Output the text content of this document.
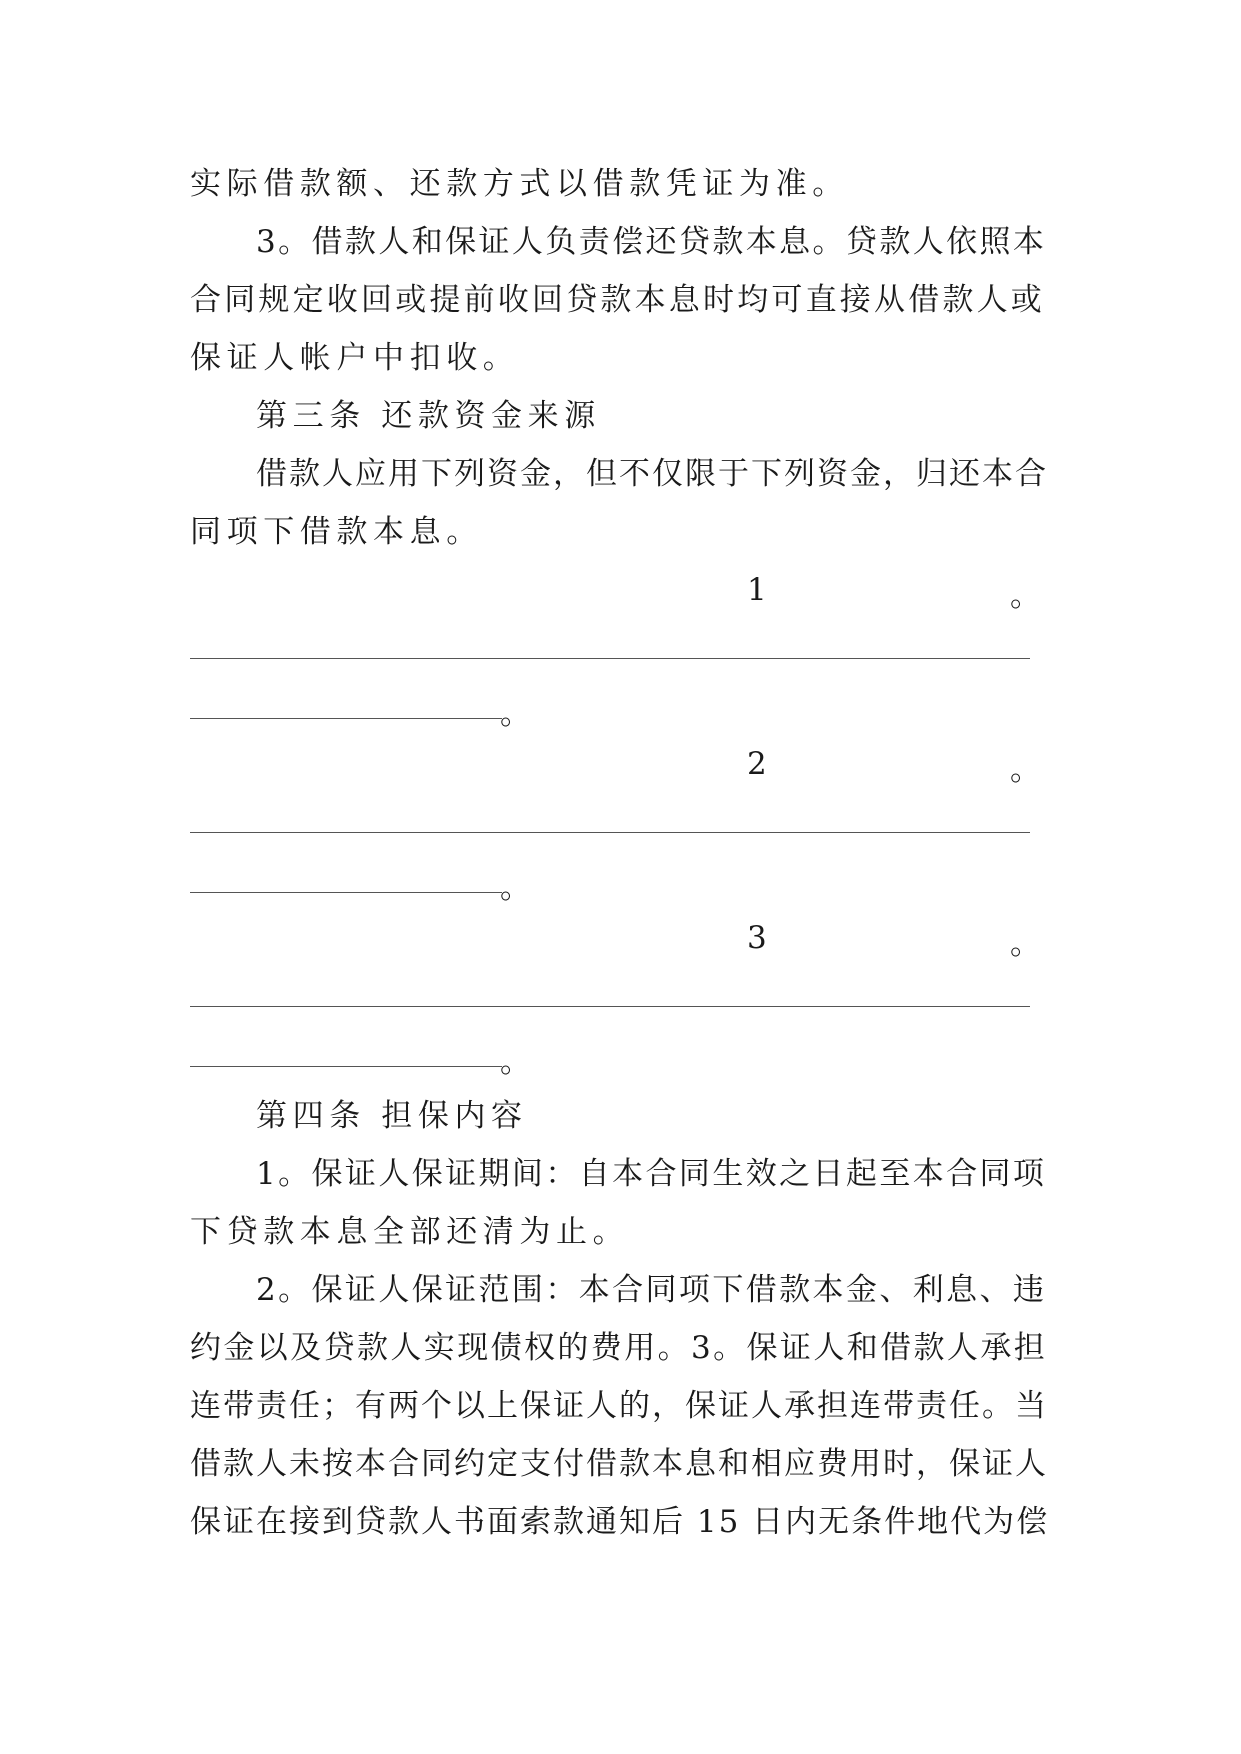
实际借款额、还款方式以借款凭证为准。
3。借款人和保证人负责偿还贷款本息。贷款人依照本
合同规定收回或提前收回贷款本息时均可直接从借款人或
保证人帐户中扣收。
第三条 还款资金来源
借款人应用下列资金，但不仅限于下列资金，归还本合
同项下借款本息。
1	。
。
2	。
。
3	。
。
第四条 担保内容
1。保证人保证期间：自本合同生效之日起至本合同项
下贷款本息全部还清为止。
2。保证人保证范围：本合同项下借款本金、利息、违
约金以及贷款人实现债权的费用。3。保证人和借款人承担
连带责任；有两个以上保证人的，保证人承担连带责任。当
借款人未按本合同约定支付借款本息和相应费用时，保证人
保证在接到贷款人书面索款通知后 15 日内无条件地代为偿
